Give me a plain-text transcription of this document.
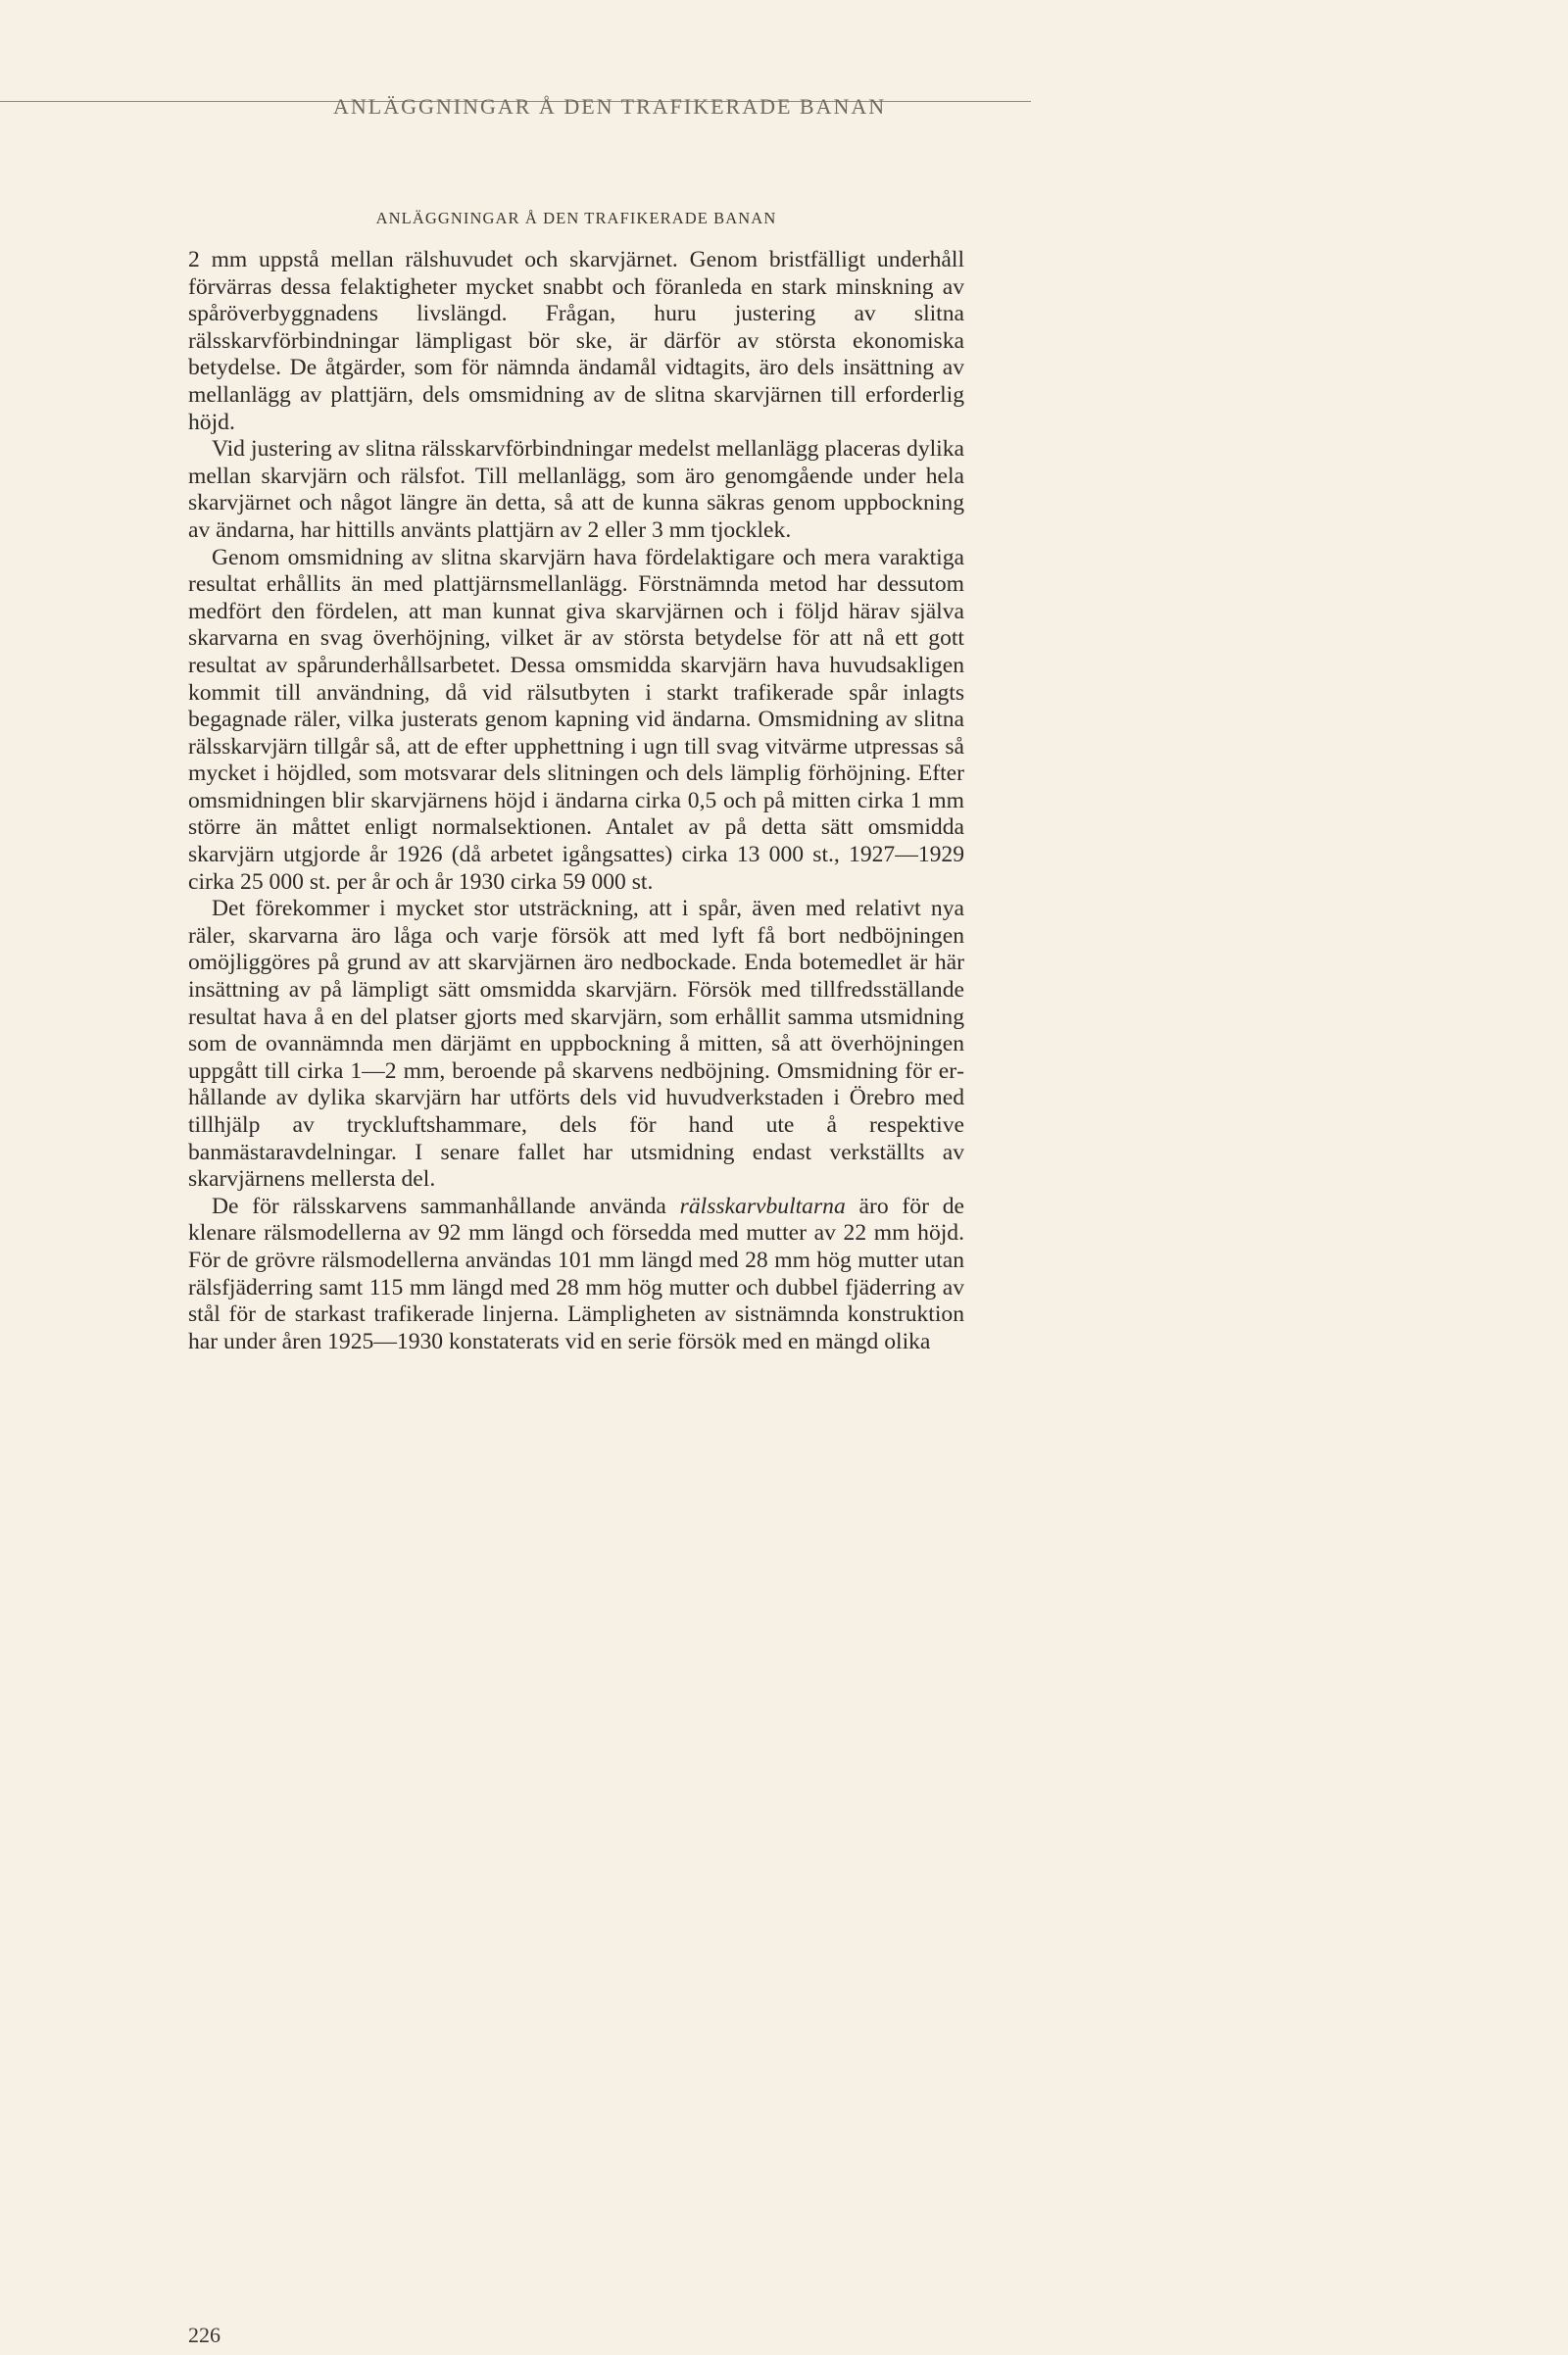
ANLÄGGNINGAR Å DEN TRAFIKERADE BANAN
ANLÄGGNINGAR Å DEN TRAFIKERADE BANAN

2 mm uppstå mellan rälshuvudet och skarvjärnet. Genom bristfälligt underhåll förvärras dessa felaktigheter mycket snabbt och föranleda en stark minskning av spåröverbyggnadens livslängd. Frågan, huru justering av slitna rälsskarvförbindningar lämpligast bör ske, är därför av största ekonomiska betydelse. De åtgärder, som för nämnda ändamål vidtagits, äro dels insättning av mellanlägg av plattjärn, dels omsmidning av de slitna skarvjärnen till erforderlig höjd.

Vid justering av slitna rälsskarvförbindningar medelst mellanlägg placeras dylika mellan skarvjärn och rälsfot. Till mellanlägg, som äro genomgående under hela skarvjärnet och något längre än detta, så att de kunna säkras genom uppbockning av ändarna, har hittills använts plattjärn av 2 eller 3 mm tjocklek.

Genom omsmidning av slitna skarvjärn hava fördelaktigare och mera varaktiga resultat erhållits än med plattjärnsmellanlägg. Förstnämnda metod har dessutom medfört den fördelen, att man kunnat giva skarvjärnen och i följd härav själva skarvarna en svag överhöjning, vilket är av största betydelse för att nå ett gott resultat av spårunderhållsarbetet. Dessa omsmidda skarvjärn hava huvudsakligen kommit till användning, då vid rälsutbyten i starkt trafikerade spår inlagts begagnade räler, vilka justerats genom kapning vid ändarna. Omsmidning av slitna rälsskarvjärn tillgår så, att de efter upphettning i ugn till svag vitvärme utpressas så mycket i höjdled, som motsvarar dels slitningen och dels lämplig förhöjning. Efter omsmidningen blir skarvjärnens höjd i ändarna cirka 0,5 och på mitten cirka 1 mm större än måttet enligt normalsektionen. Antalet av på detta sätt omsmidda skarvjärn utgjorde år 1926 (då arbetet igångsattes) cirka 13 000 st., 1927—1929 cirka 25 000 st. per år och år 1930 cirka 59 000 st.

Det förekommer i mycket stor utsträckning, att i spår, även med relativt nya räler, skarvarna äro låga och varje försök att med lyft få bort nedböjningen omöjliggöres på grund av att skarvjärnen äro nedbockade. Enda botemedlet är här insättning av på lämpligt sätt omsmidda skarvjärn. Försök med tillfredsställande resultat hava å en del platser gjorts med skarvjärn, som erhållit samma utsmidning som de ovannämnda men därjämt en uppbockning å mitten, så att överhöjningen uppgått till cirka 1—2 mm, beroende på skarvens nedböjning. Omsmidning för erhållande av dylika skarvjärn har utförts dels vid huvudverkstaden i Örebro med tillhjälp av tryckluftshammare, dels för hand ute å respektive banmästaravdelningar. I senare fallet har utsmidning endast verkställts av skarvjärnens mellersta del.

De för rälsskarvens sammanhållande använda rälsskarvbultarna äro för de klenare rälsmodellerna av 92 mm längd och försedda med mutter av 22 mm höjd. För de grövre rälsmodellerna användas 101 mm längd med 28 mm hög mutter utan rälsfjäderring samt 115 mm längd med 28 mm hög mutter och dubbel fjäderring av stål för de starkast trafikerade linjerna. Lämpligheten av sistnämnda konstruktion har under åren 1925—1930 konstaterats vid en serie försök med en mängd olika

226
